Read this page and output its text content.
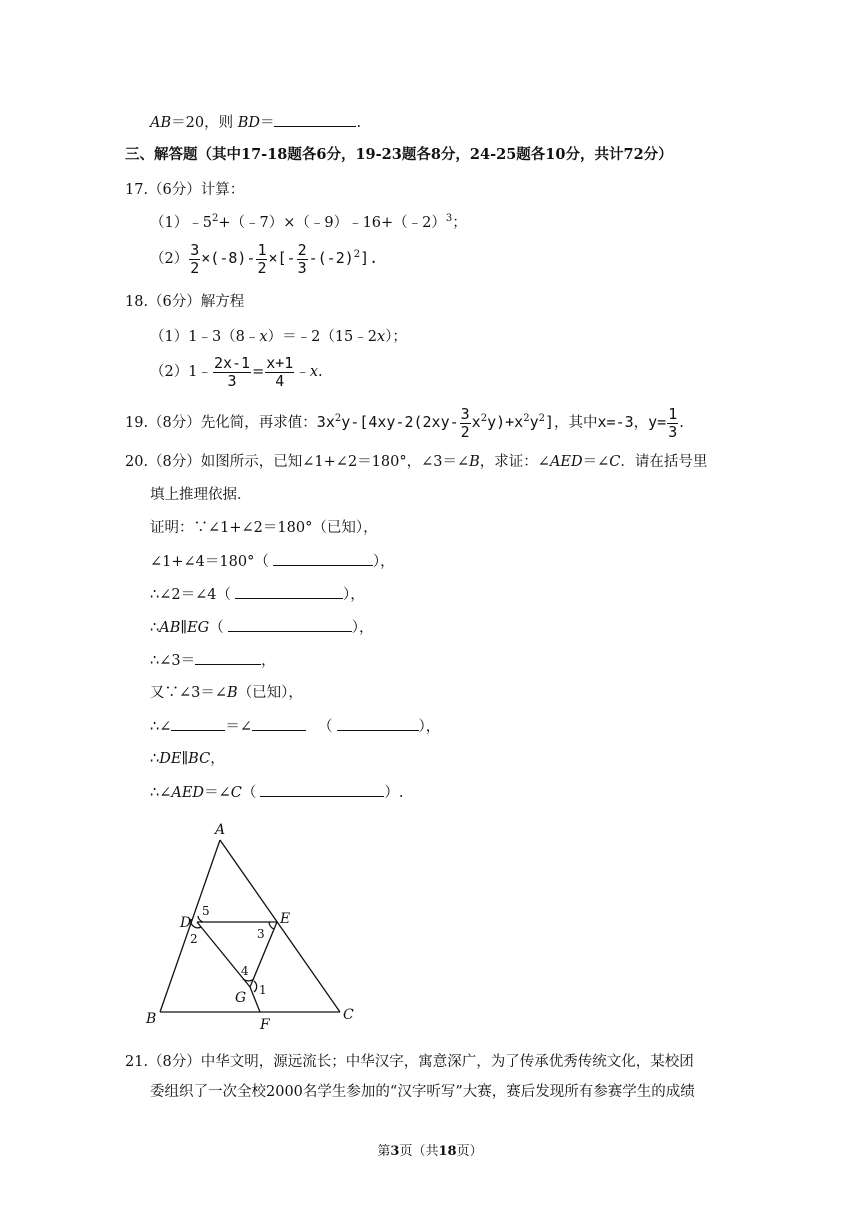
AB＝20，则 BD＝	.
三、解答题（其中17-18题各6分，19-23题各8分，24-25题各10分，共计72分）
17.（6分）计算：
$(1)﹣5^2+(﹣7)\times(﹣9)﹣16+(﹣2)^3$；
$(2) \frac{3}{2} \times(-8)- \frac{1}{2}$ ×[- $\frac{2}{3} -(-2)^2$].
18.（6分）解方程
（1）1﹣3（8﹣x）＝﹣2（15﹣2x）；
（2）1﹣ $\frac{2x-1}{3} = \frac{x+1}{4}$ ﹣x.
19.（8分）先化简，再求值：$3x^2y-[4xy-2(2xy- \frac{3}{2} x^2y)+x^2y^2]$，其中x=-3，$y= \frac{1}{3}$ .
20.（8分）如图所示，已知∠1+∠2＝180°，∠3＝∠B，求证：∠AED＝∠C．请在括号里
填上推理依据．
证明：∵∠1+∠2＝180°（已知），
∠1+∠4＝180°（	），
∴∠2＝∠4（	），
∴AB∥EG（	），
∴∠3＝	，
又∵∠3＝∠B（已知），
∴∠	＝∠	（	），
∴DE∥BC，
∴∠AED＝∠C（	）.
A
B	C
D	E
F
G
5
2	3
4
1
21.（8分）中华文明，源远流长；中华汉字，寓意深广，为了传承优秀传统文化，某校团
委组织了一次全校2000名学生参加的“汉字听写”大赛，赛后发现所有参赛学生的成绩
第3页（共18页）
